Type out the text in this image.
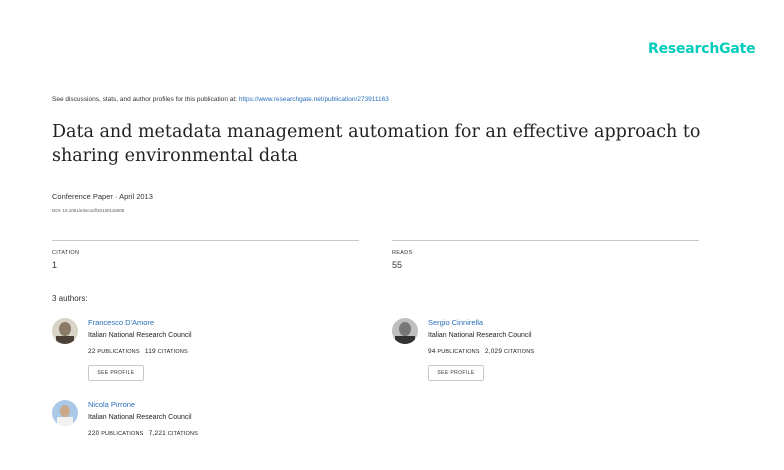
ResearchGate
See discussions, stats, and author profiles for this publication at: https://www.researchgate.net/publication/273911163
Data and metadata management automation for an effective approach to sharing environmental data
Conference Paper · April 2013
DOI: 10.1051/e3sconf/20130116005
CITATION
1
READS
55
3 authors:
Francesco D'Amore
Italian National Research Council
22 PUBLICATIONS 119 CITATIONS
SEE PROFILE
Sergio Cinnirella
Italian National Research Council
94 PUBLICATIONS 2,029 CITATIONS
SEE PROFILE
Nicola Pirrone
Italian National Research Council
220 PUBLICATIONS 7,221 CITATIONS
